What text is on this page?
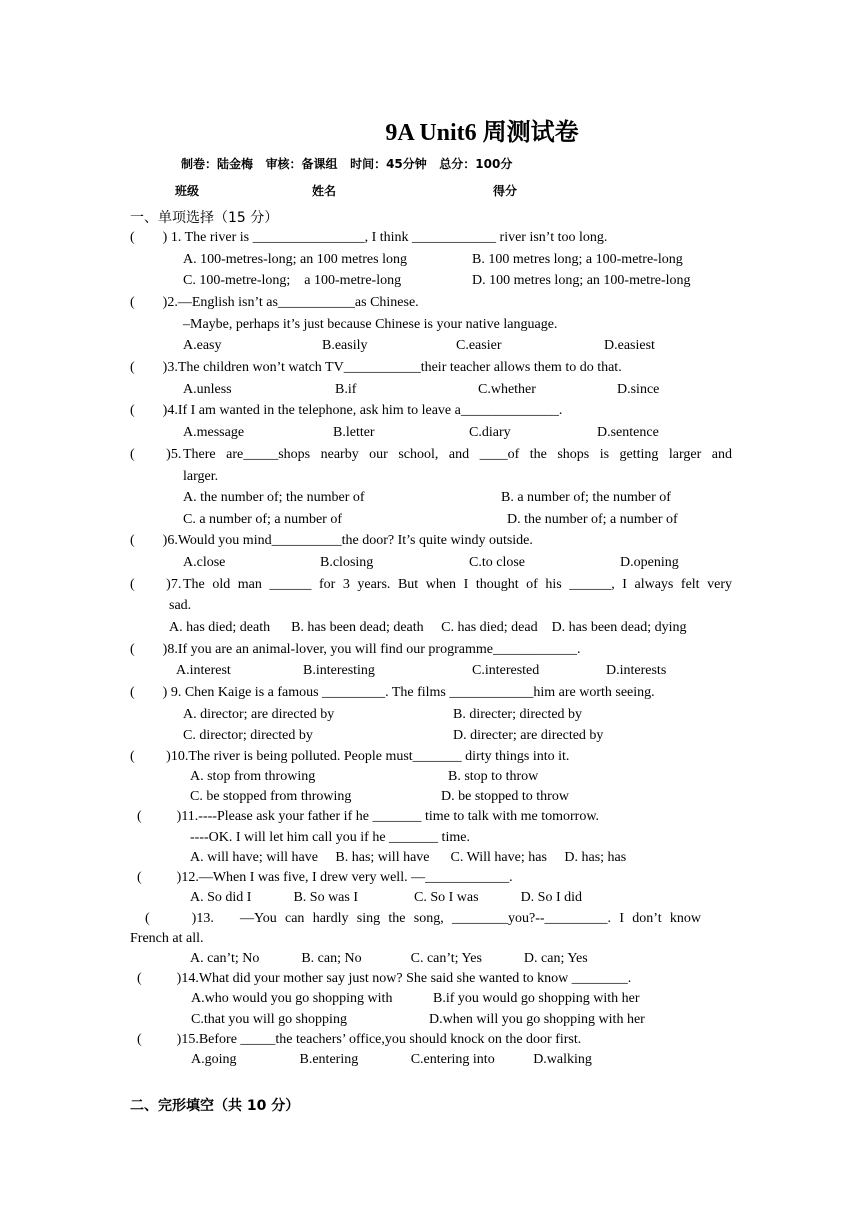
9A Unit6 周测试卷
制卷：陆金梅   审核：备课组   时间：45分钟   总分：100分
班级	姓名	得分
一、单项选择（15 分）
(        ) 1. The river is ________________, I think ____________ river isn’t too long.
A. 100-metres-long; an 100 metres long	B. 100 metres long; a 100-metre-long
C. 100-metre-long;    a 100-metre-long	D. 100 metres long; an 100-metre-long
(        )2.—English isn’t as___________as Chinese.
–Maybe, perhaps it’s just because Chinese is your native language.
A.easy	B.easily	C.easier	D.easiest
(        )3.The children won’t watch TV___________their teacher allows them to do that.
A.unless	B.if	C.whether	D.since
(        )4.If I am wanted in the telephone, ask him to leave a______________.
A.message	B.letter	C.diary	D.sentence
(         )5. There are_____shops nearby our school, and ____of the shops is getting larger and
larger.
A. the number of; the number of	B. a number of; the number of
C. a number of; a number of	D. the number of; a number of
(        )6.Would you mind__________the door? It’s quite windy outside.
A.close	B.closing	C.to close	D.opening
(         )7. The old man ______ for 3 years. But when I thought of his ______, I always felt very
sad.
A. has died; death      B. has been dead; death     C. has died; dead    D. has been dead; dying
(        )8.If you are an animal-lover, you will find our programme____________.
A.interest	B.interesting	C.interested	D.interests
(        ) 9. Chen Kaige is a famous _________. The films ____________him are worth seeing.
A. director; are directed by	B. directer; directed by
C. director; directed by	D. directer; are directed by
(         )10.The river is being polluted. People must_______ dirty things into it.
A. stop from throwing	B. stop to throw
C. be stopped from throwing	D. be stopped to throw
(          )11.----Please ask your father if he _______ time to talk with me tomorrow.
----OK. I will let him call you if he _______ time.
A. will have; will have     B. has; will have      C. Will have; has     D. has; has
(          )12.—When I was five, I drew very well. —____________.
A. So did I            B. So was I                C. So I was            D. So I did
(            )13. —You can hardly sing the song, ________you?--_________. I don’t know
French at all.
A. can’t; No            B. can; No              C. can’t; Yes            D. can; Yes
(          )14.What did your mother say just now? She said she wanted to know ________.
A.who would you go shopping with	B.if you would go shopping with her
C.that you will go shopping	D.when will you go shopping with her
(          )15.Before _____the teachers’ office,you should knock on the door first.
A.going                  B.entering               C.entering into           D.walking
二、完形填空（共 10 分）
